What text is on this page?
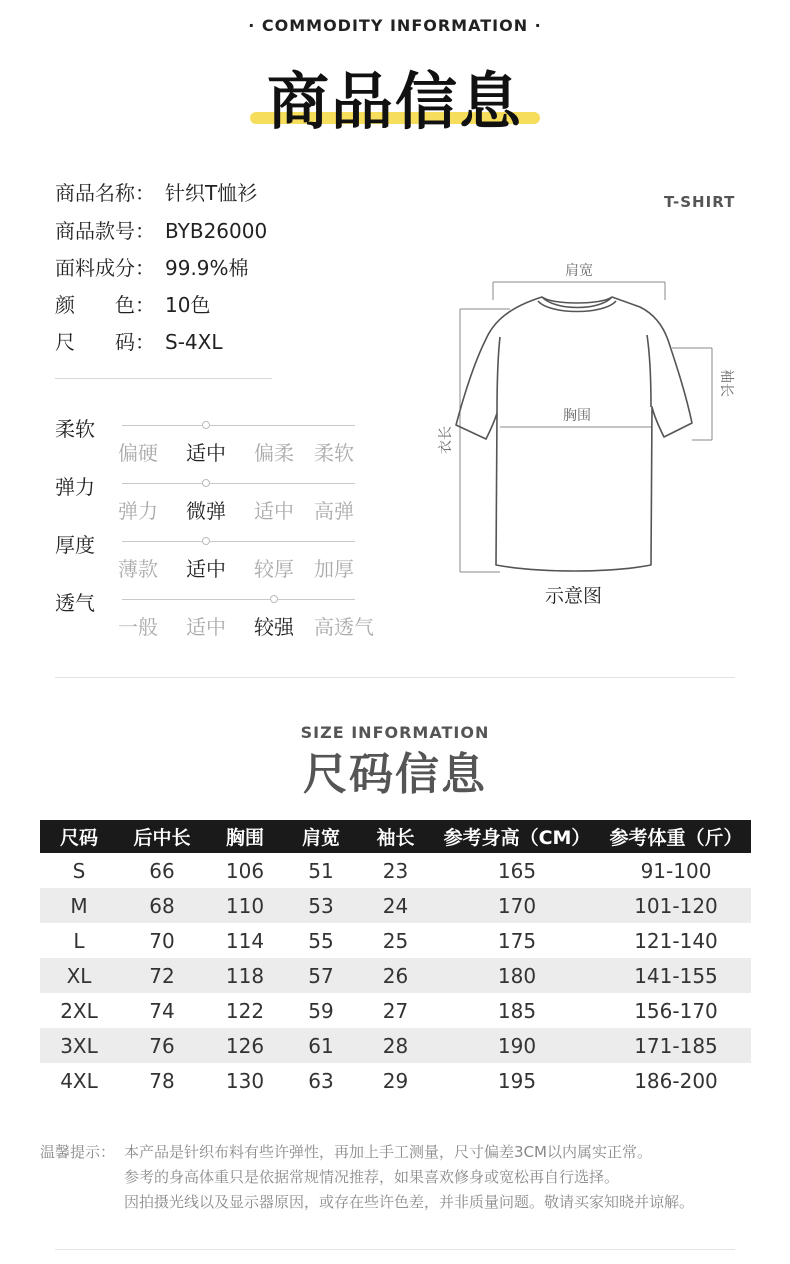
· COMMODITY INFORMATION ·
商品信息
商品名称： 针织T恤衫
商品款号： BYB26000
面料成分： 99.9%棉
颜　　色： 10色
尺　　码： S-4XL
T-SHIRT
柔软
偏硬	适中	偏柔	柔软
弹力
弹力	微弹	适中	高弹
厚度
薄款	适中	较厚	加厚
透气
一般	适中	较强	高透气
肩宽
胸围
衣长
袖长
示意图
SIZE INFORMATION
尺码信息
尺码	后中长	胸围	肩宽	袖长	参考身高（CM）	参考体重（斤）
S	66	106	51	23	165	91-100
M	68	110	53	24	170	101-120
L	70	114	55	25	175	121-140
XL	72	118	57	26	180	141-155
2XL	74	122	59	27	185	156-170
3XL	76	126	61	28	190	171-185
4XL	78	130	63	29	195	186-200
温馨提示： 本产品是针织布料有些许弹性，再加上手工测量，尺寸偏差3CM以内属实正常。
参考的身高体重只是依据常规情况推荐，如果喜欢修身或宽松再自行选择。
因拍摄光线以及显示器原因，或存在些许色差，并非质量问题。敬请买家知晓并谅解。
